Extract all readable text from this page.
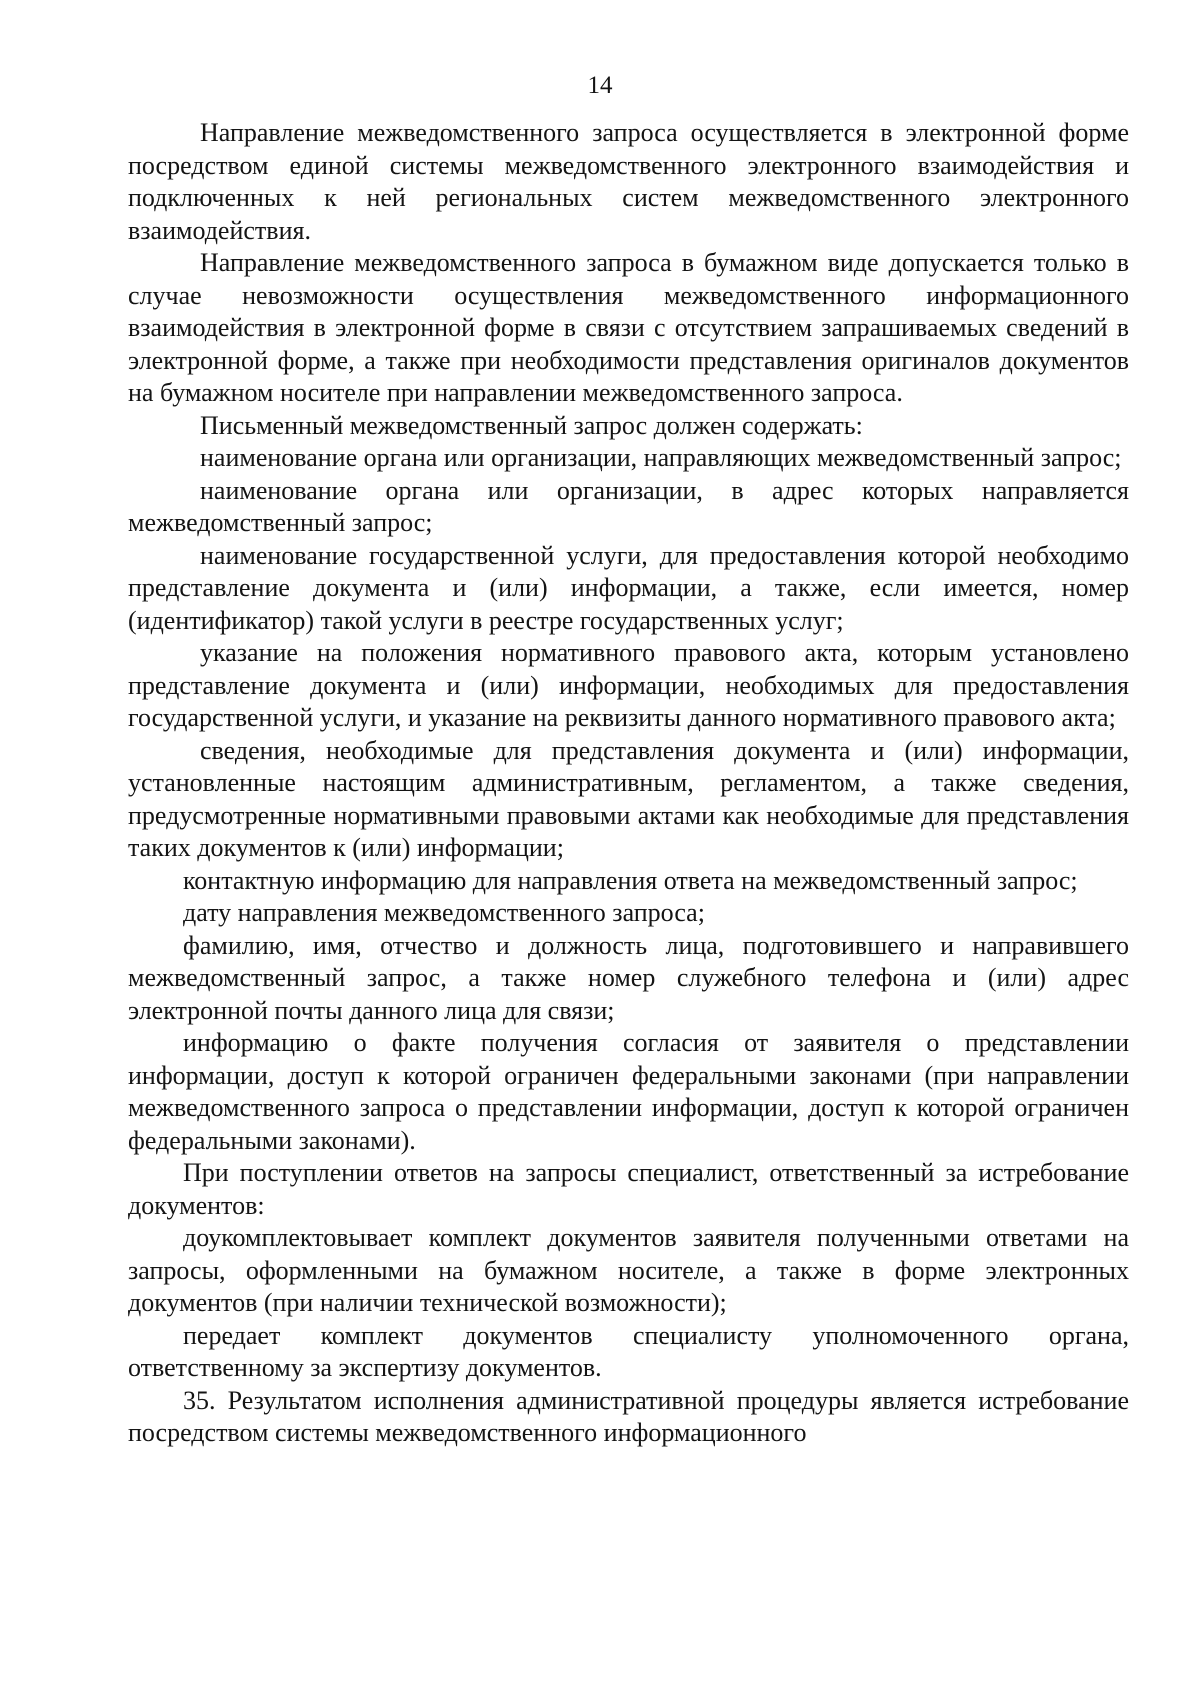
14

Направление межведомственного запроса осуществляется в электронной форме посредством единой системы межведомственного электронного взаимодействия и подключенных к ней региональных систем межведомственного электронного взаимодействия.

Направление межведомственного запроса в бумажном виде допускается только в случае невозможности осуществления межведомственного информационного взаимодействия в электронной форме в связи с отсутствием запрашиваемых сведений в электронной форме, а также при необходимости представления оригиналов документов на бумажном носителе при направлении межведомственного запроса.

Письменный межведомственный запрос должен содержать:

наименование органа или организации, направляющих межведомственный запрос;

наименование органа или организации, в адрес которых направляется межведомственный запрос;

наименование государственной услуги, для предоставления которой необходимо представление документа и (или) информации, а также, если имеется, номер (идентификатор) такой услуги в реестре государственных услуг;

указание на положения нормативного правового акта, которым установлено представление документа и (или) информации, необходимых для предоставления государственной услуги, и указание на реквизиты данного нормативного правового акта;

сведения, необходимые для представления документа и (или) информации, установленные настоящим административным, регламентом, а также сведения, предусмотренные нормативными правовыми актами как необходимые для представления таких документов к (или) информации;

контактную информацию для направления ответа на межведомственный запрос;

дату направления межведомственного запроса;

фамилию, имя, отчество и должность лица, подготовившего и направившего межведомственный запрос, а также номер служебного телефона и (или) адрес электронной почты данного лица для связи;

информацию о факте получения согласия от заявителя о представлении информации, доступ к которой ограничен федеральными законами (при направлении межведомственного запроса о представлении информации, доступ к которой ограничен федеральными законами).

При поступлении ответов на запросы специалист, ответственный за истребование документов:

доукомплектовывает комплект документов заявителя полученными ответами на запросы, оформленными на бумажном носителе, а также в форме электронных документов (при наличии технической возможности);

передает комплект документов специалисту уполномоченного органа, ответственному за экспертизу документов.

35. Результатом исполнения административной процедуры является истребование посредством системы межведомственного информационного
